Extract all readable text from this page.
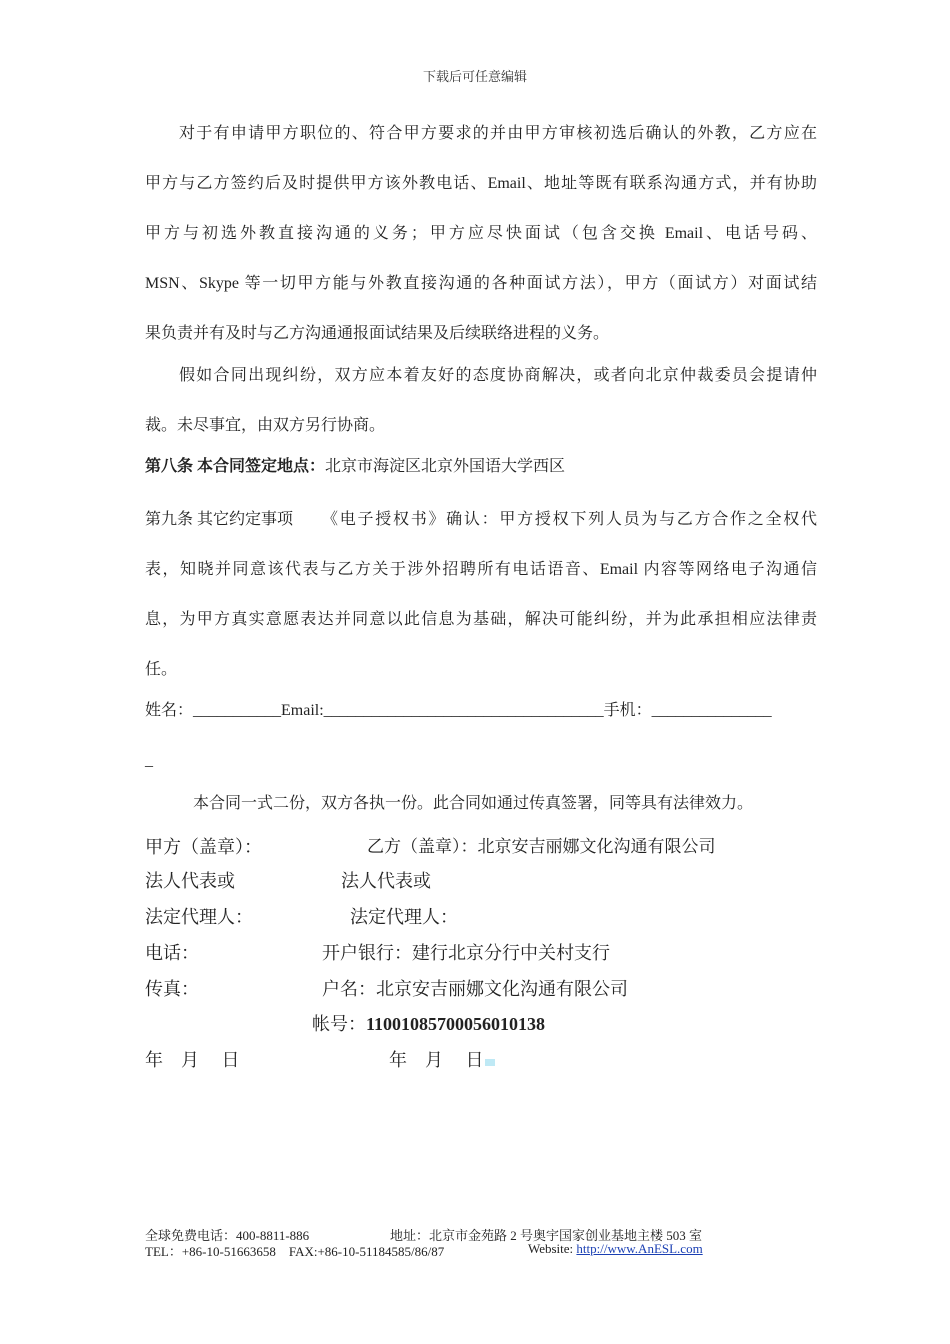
下载后可任意编辑
对于有申请甲方职位的、符合甲方要求的并由甲方审核初选后确认的外教，乙方应在
甲方与乙方签约后及时提供甲方该外教电话、Email、地址等既有联系沟通方式，并有协助
甲方与初选外教直接沟通的义务；甲方应尽快面试（包含交换 Email、电话号码、
MSN、Skype 等一切甲方能与外教直接沟通的各种面试方法），甲方（面试方）对面试结
果负责并有及时与乙方沟通通报面试结果及后续联络进程的义务。
假如合同出现纠纷，双方应本着友好的态度协商解决，或者向北京仲裁委员会提请仲
裁。未尽事宜，由双方另行协商。
第八条 本合同签定地点：北京市海淀区北京外国语大学西区
第九条 其它约定事项 《电子授权书》确认：甲方授权下列人员为与乙方合作之全权代
表，知晓并同意该代表与乙方关于涉外招聘所有电话语音、Email 内容等网络电子沟通信
息，为甲方真实意愿表达并同意以此信息为基础，解决可能纠纷，并为此承担相应法律责
任。
姓名：___________Email:___________________________________手机：_______________
_
本合同一式二份，双方各执一份。此合同如通过传真签署，同等具有法律效力。
甲方（盖章）：	乙方（盖章）：北京安吉丽娜文化沟通有限公司
法人代表或	法人代表或
法定代理人：	法定代理人：
电话：	开户银行：建行北京分行中关村支行
传真：	户名：北京安吉丽娜文化沟通有限公司
帐号：11001085700056010138
年    月     日	年    月     日
全球免费电话：400-8811-886	地址：北京市金苑路 2 号奥宇国家创业基地主楼 503 室
TEL：+86-10-51663658    FAX:+86-10-51184585/86/87	Website: http://www.AnESL.com
